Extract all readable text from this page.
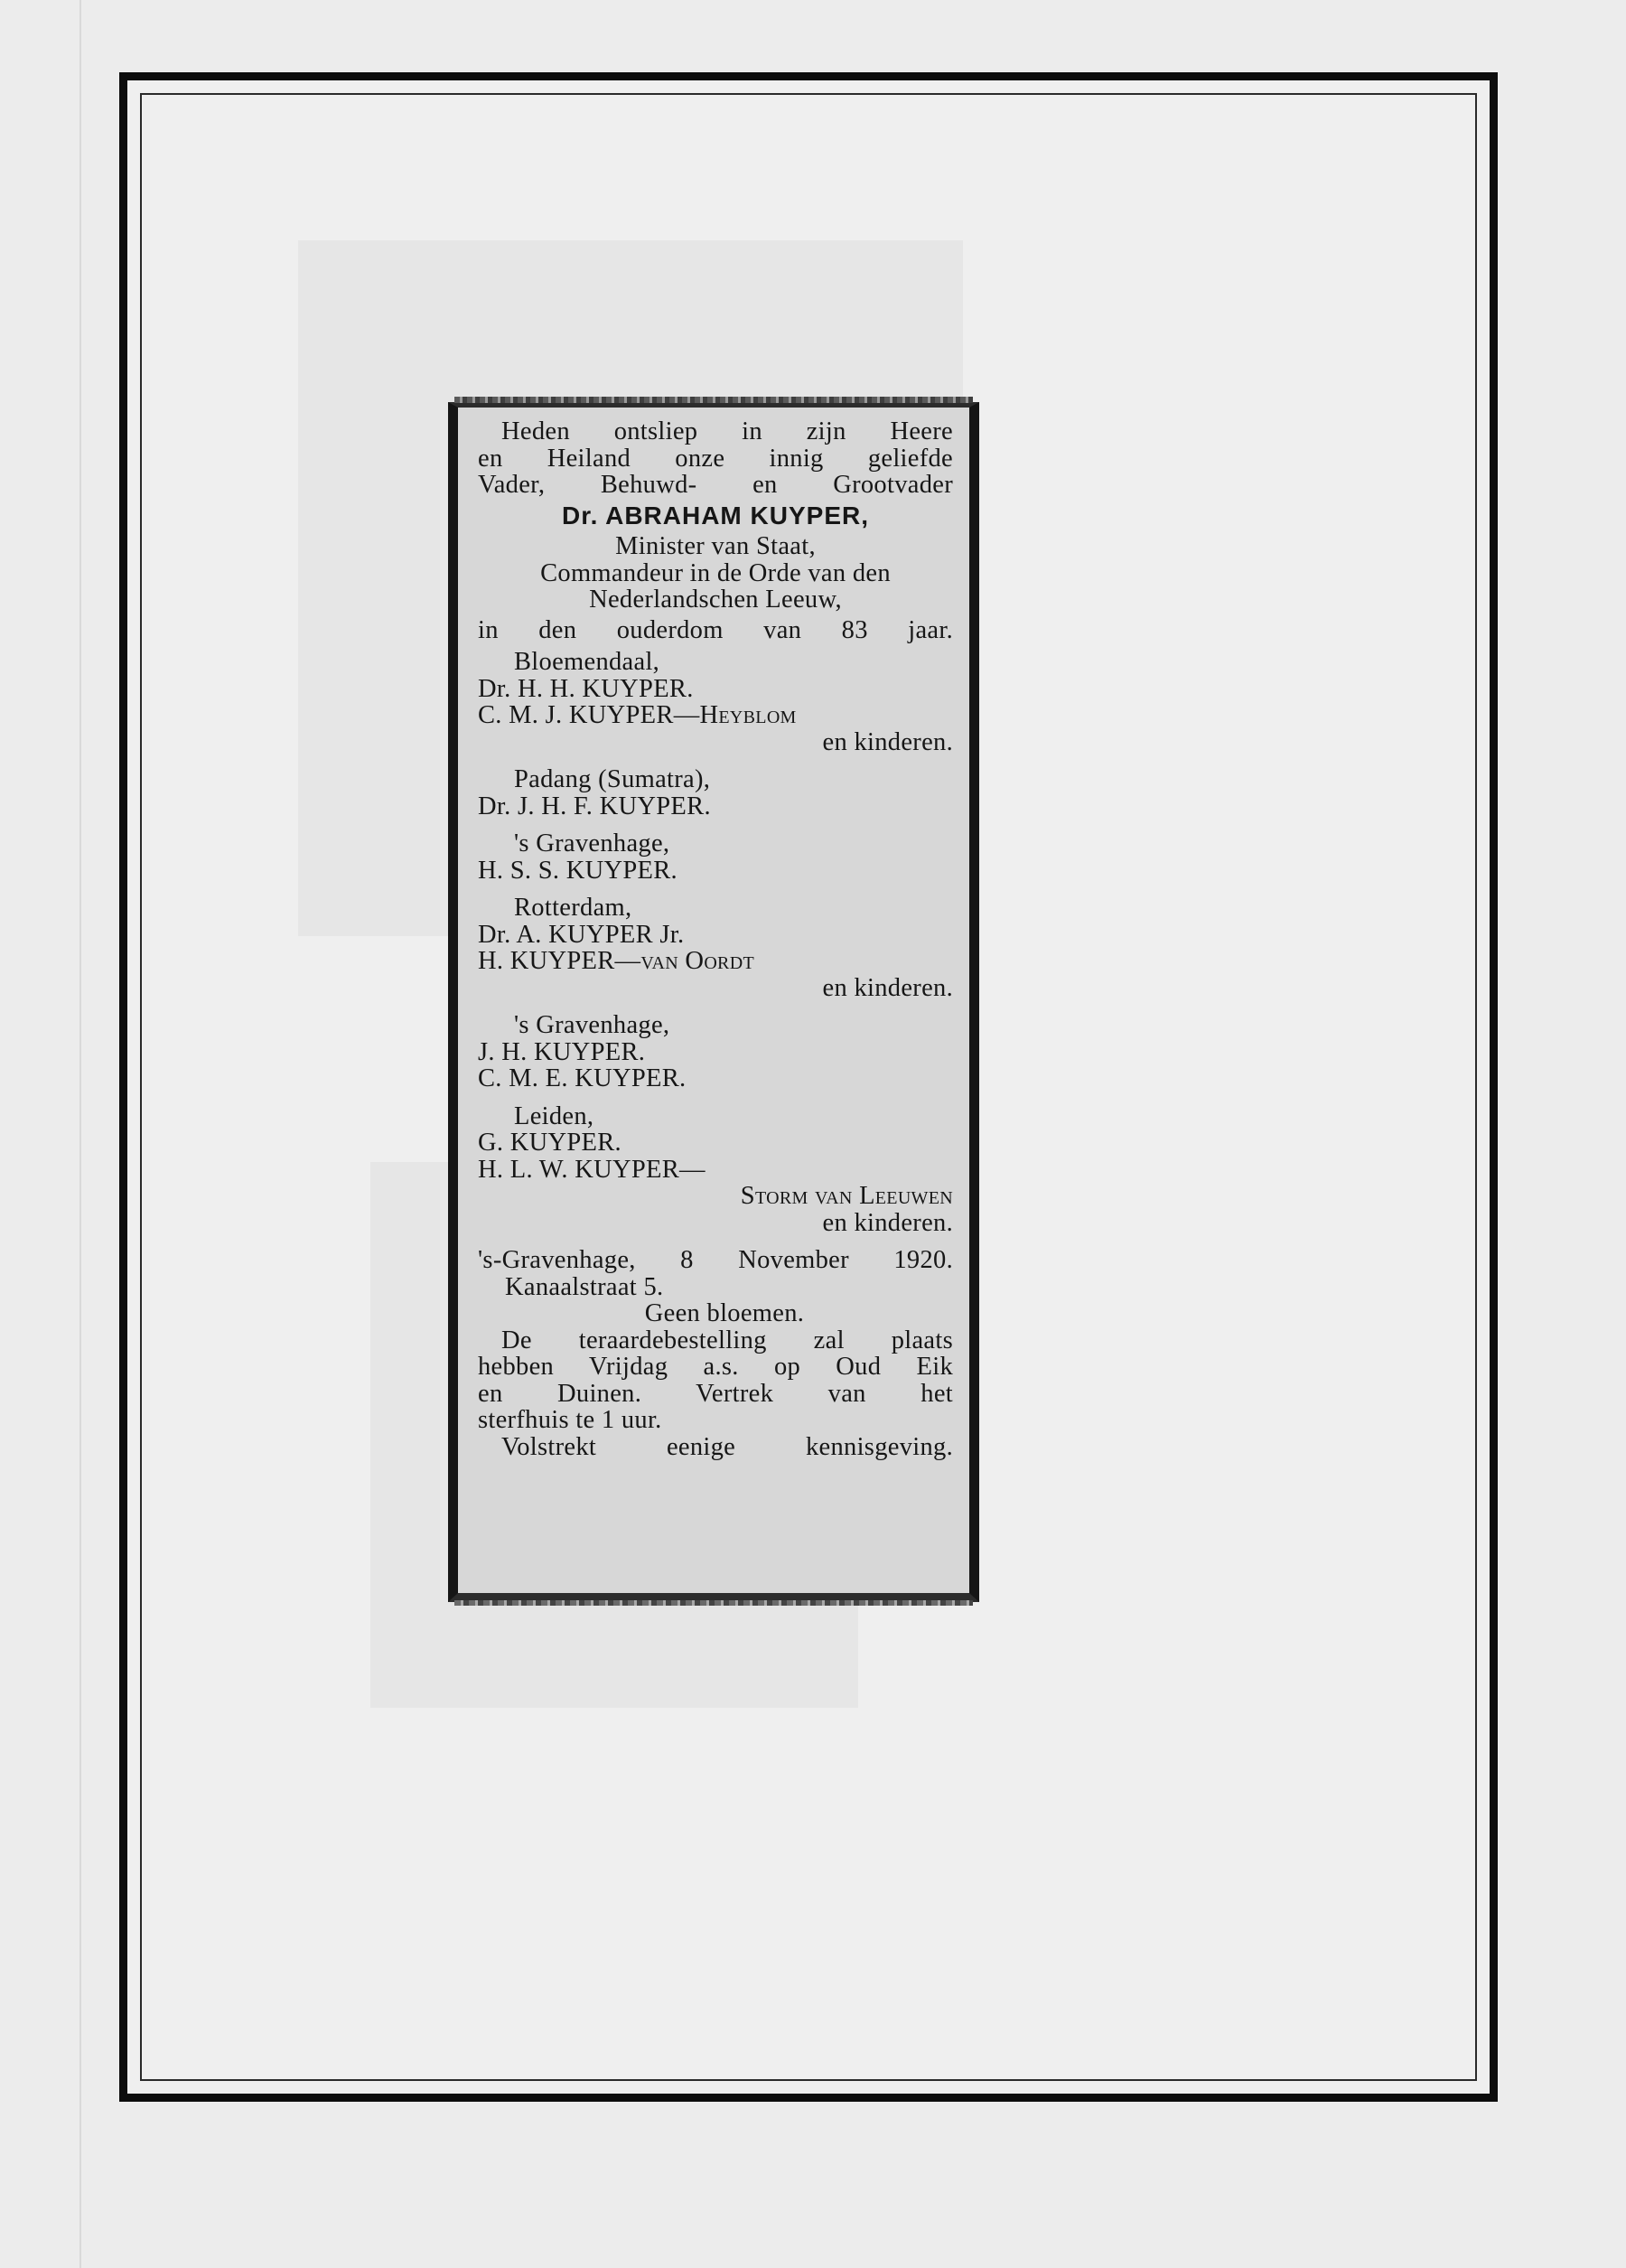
Heden ontsliep in zijn Heere
en Heiland onze innig geliefde
Vader, Behuwd- en Grootvader
Dr. ABRAHAM KUYPER,
Minister van Staat,
Commandeur in de Orde van den
Nederlandschen Leeuw,
in den ouderdom van 83 jaar.
Bloemendaal,
Dr. H. H. KUYPER.
C. M. J. KUYPER—Heyblom
en kinderen.
Padang (Sumatra),
Dr. J. H. F. KUYPER.
's Gravenhage,
H. S. S. KUYPER.
Rotterdam,
Dr. A. KUYPER Jr.
H. KUYPER—van Oordt
en kinderen.
's Gravenhage,
J. H. KUYPER.
C. M. E. KUYPER.
Leiden,
G. KUYPER.
H. L. W. KUYPER—
Storm van Leeuwen
en kinderen.
's-Gravenhage, 8 November 1920.
Kanaalstraat 5.
Geen bloemen.
De teraardebestelling zal plaats
hebben Vrijdag a.s. op Oud Eik
en Duinen. Vertrek van het
sterfhuis te 1 uur.
Volstrekt eenige kennisgeving.
